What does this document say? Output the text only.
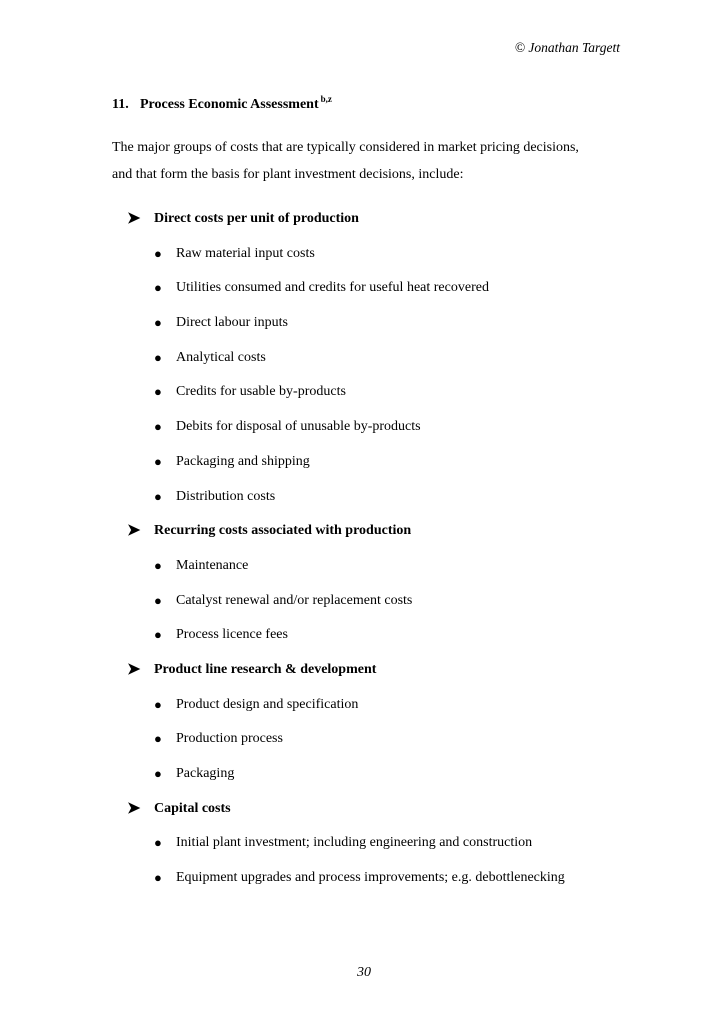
© Jonathan Targett
11. Process Economic Assessment $^{b,z}$
The major groups of costs that are typically considered in market pricing decisions,
and that form the basis for plant investment decisions, include:
➤ Direct costs per unit of production
● Raw material input costs
● Utilities consumed and credits for useful heat recovered
● Direct labour inputs
● Analytical costs
● Credits for usable by-products
● Debits for disposal of unusable by-products
● Packaging and shipping
● Distribution costs
➤ Recurring costs associated with production
● Maintenance
● Catalyst renewal and/or replacement costs
● Process licence fees
➤ Product line research & development
● Product design and specification
● Production process
● Packaging
➤ Capital costs
● Initial plant investment; including engineering and construction
● Equipment upgrades and process improvements; e.g. debottlenecking
30
